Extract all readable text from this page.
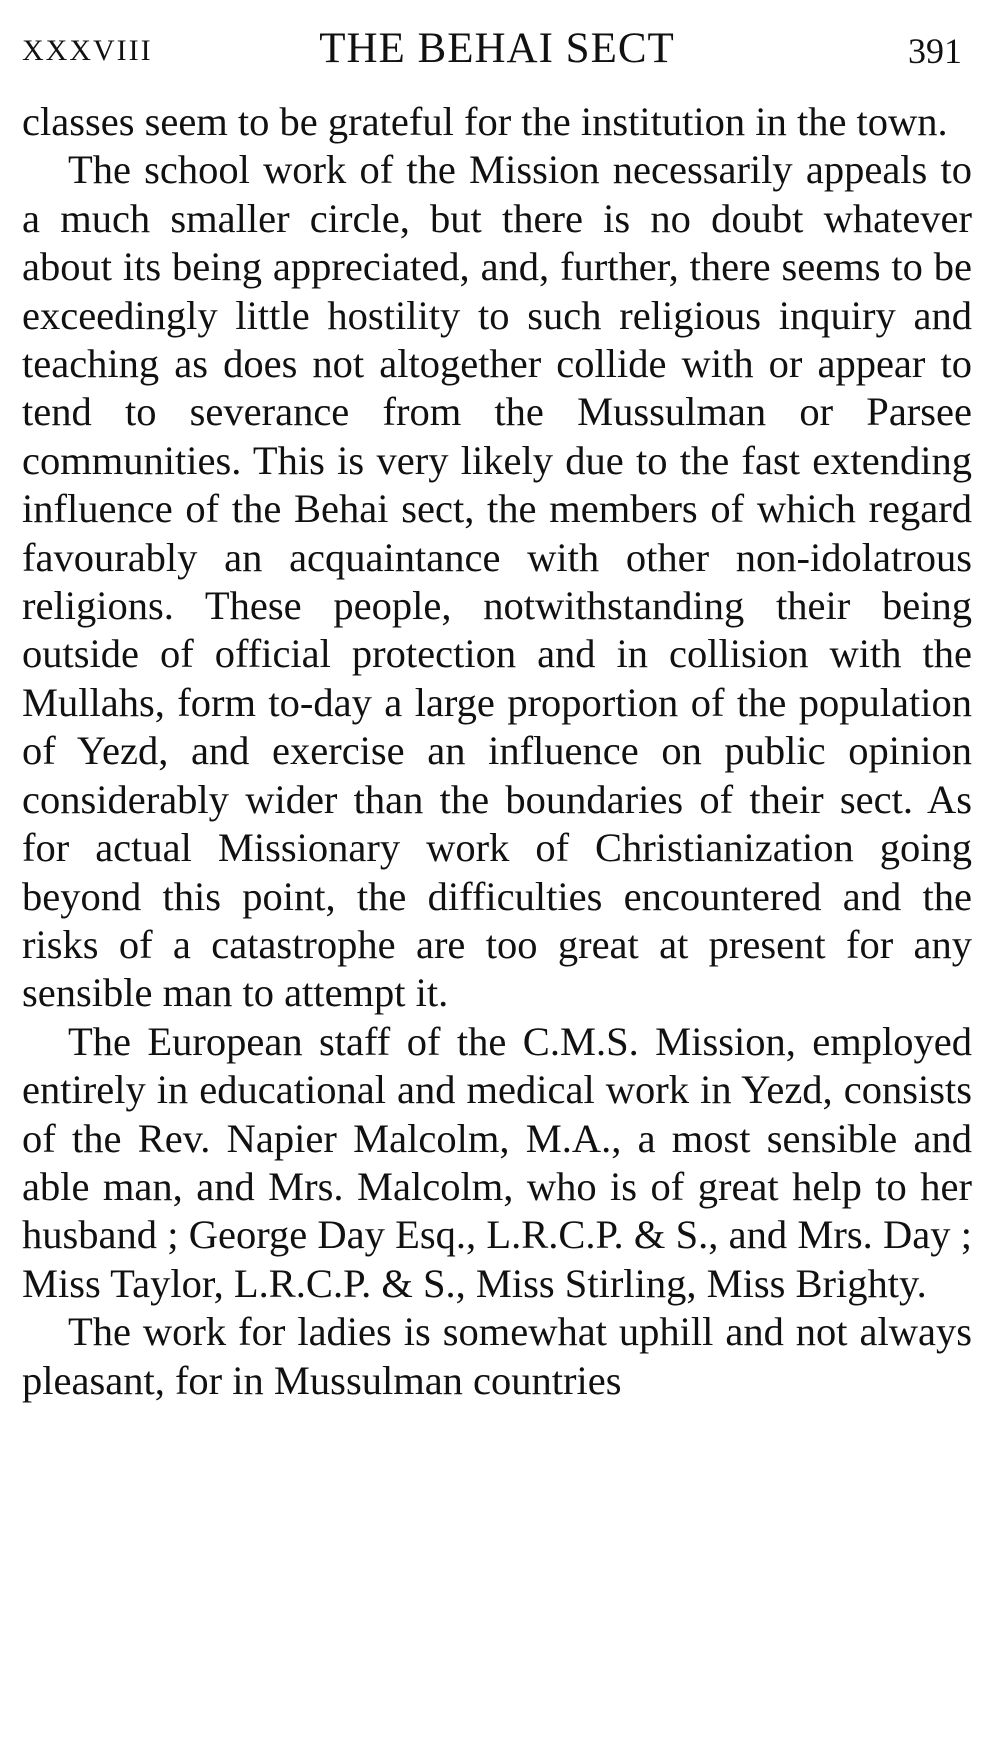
XXXVIII	THE BEHAI SECT	391

classes seem to be grateful for the institution in the town.

The school work of the Mission necessarily appeals to a much smaller circle, but there is no doubt whatever about its being appreciated, and, further, there seems to be exceedingly little hostility to such religious inquiry and teaching as does not altogether collide with or appear to tend to severance from the Mussulman or Parsee communities. This is very likely due to the fast extending influence of the Behai sect, the members of which regard favourably an acquaintance with other non-idolatrous religions. These people, notwithstanding their being outside of official protection and in collision with the Mullahs, form to-day a large proportion of the population of Yezd, and exercise an influence on public opinion considerably wider than the boundaries of their sect. As for actual Missionary work of Christianization going beyond this point, the difficulties encountered and the risks of a catastrophe are too great at present for any sensible man to attempt it.

The European staff of the C.M.S. Mission, employed entirely in educational and medical work in Yezd, consists of the Rev. Napier Malcolm, M.A., a most sensible and able man, and Mrs. Malcolm, who is of great help to her husband ; George Day Esq., L.R.C.P. & S., and Mrs. Day ; Miss Taylor, L.R.C.P. & S., Miss Stirling, Miss Brighty.

The work for ladies is somewhat uphill and not always pleasant, for in Mussulman countries
